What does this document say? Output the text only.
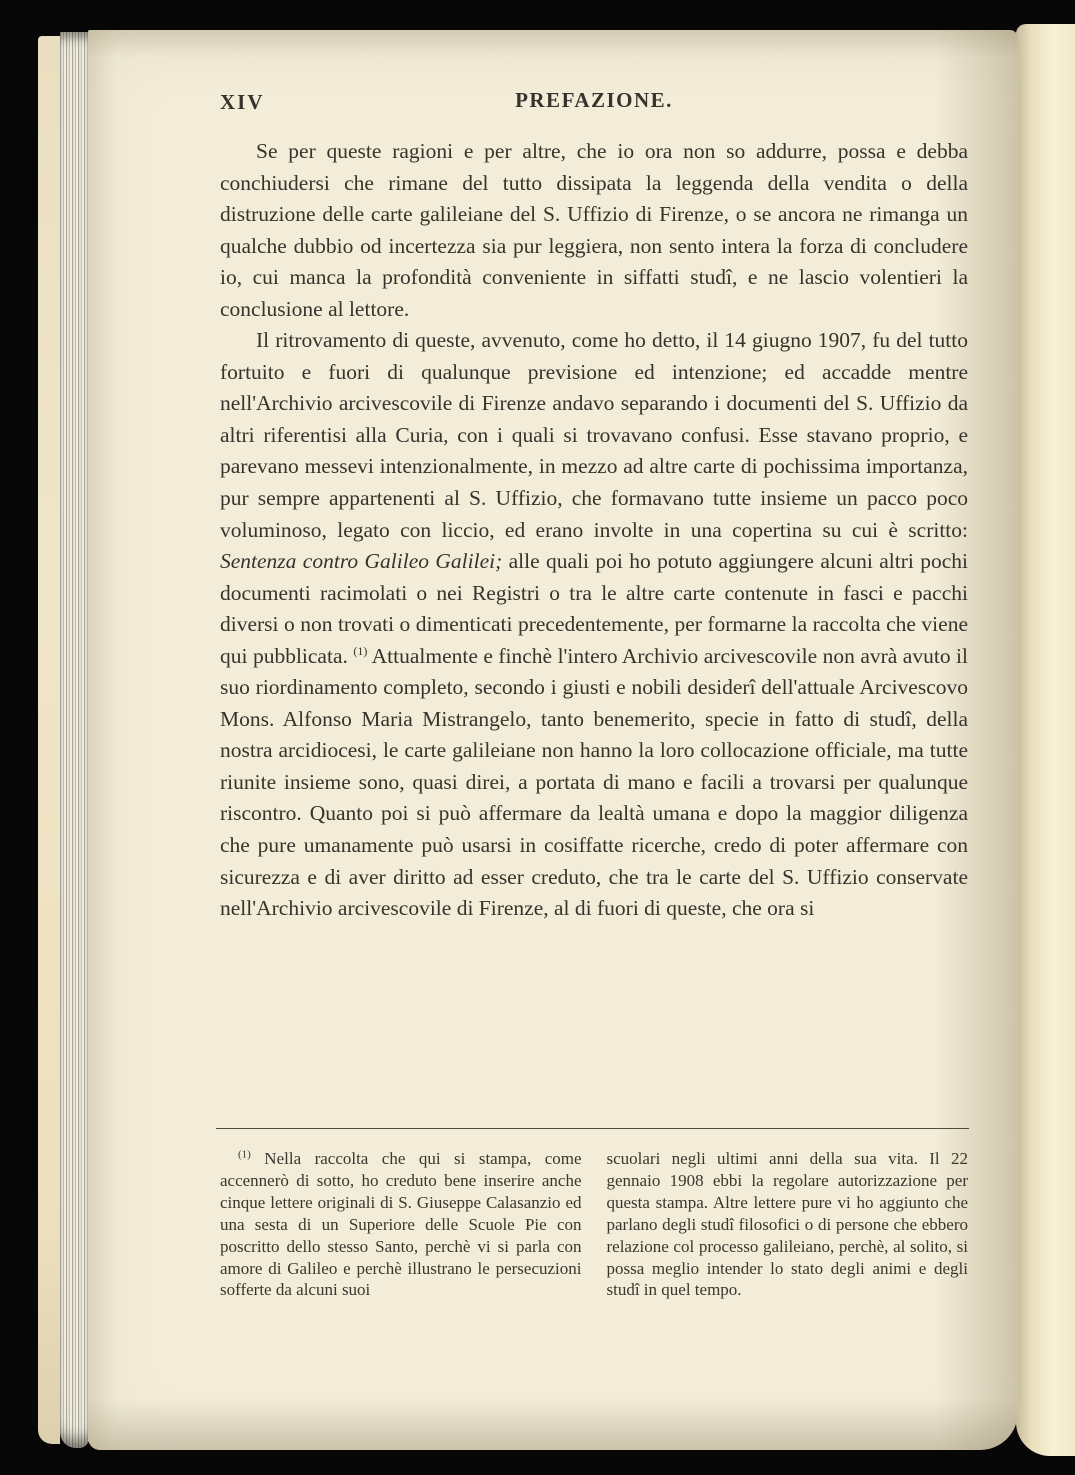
XIV	PREFAZIONE.

Se per queste ragioni e per altre, che io ora non so addurre, possa e debba conchiudersi che rimane del tutto dissipata la leggenda della vendita o della distruzione delle carte galileiane del S. Uffizio di Firenze, o se ancora ne rimanga un qualche dubbio od incertezza sia pur leggiera, non sento intera la forza di concludere io, cui manca la profondità conveniente in siffatti studî, e ne lascio volentieri la conclusione al lettore.

Il ritrovamento di queste, avvenuto, come ho detto, il 14 giugno 1907, fu del tutto fortuito e fuori di qualunque previsione ed intenzione; ed accadde mentre nell'Archivio arcivescovile di Firenze andavo separando i documenti del S. Uffizio da altri riferentisi alla Curia, con i quali si trovavano confusi. Esse stavano proprio, e parevano messevi intenzionalmente, in mezzo ad altre carte di pochissima importanza, pur sempre appartenenti al S. Uffizio, che formavano tutte insieme un pacco poco voluminoso, legato con liccio, ed erano involte in una copertina su cui è scritto: Sentenza contro Galileo Galilei; alle quali poi ho potuto aggiungere alcuni altri pochi documenti racimolati o nei Registri o tra le altre carte contenute in fasci e pacchi diversi o non trovati o dimenticati precedentemente, per formarne la raccolta che viene qui pubblicata. $^{(1)}$ Attualmente e finchè l'intero Archivio arcivescovile non avrà avuto il suo riordinamento completo, secondo i giusti e nobili desiderî dell'attuale Arcivescovo Mons. Alfonso Maria Mistrangelo, tanto benemerito, specie in fatto di studî, della nostra arcidiocesi, le carte galileiane non hanno la loro collocazione officiale, ma tutte riunite insieme sono, quasi direi, a portata di mano e facili a trovarsi per qualunque riscontro. Quanto poi si può affermare da lealtà umana e dopo la maggior diligenza che pure umanamente può usarsi in cosiffatte ricerche, credo di poter affermare con sicurezza e di aver diritto ad esser creduto, che tra le carte del S. Uffizio conservate nell'Archivio arcivescovile di Firenze, al di fuori di queste, che ora si

$^{(1)}$ Nella raccolta che qui si stampa, come accennerò di sotto, ho creduto bene inserire anche cinque lettere originali di S. Giuseppe Calasanzio ed una sesta di un Superiore delle Scuole Pie con poscritto dello stesso Santo, perchè vi si parla con amore di Galileo e perchè illustrano le persecuzioni sofferte da alcuni suoi
scuolari negli ultimi anni della sua vita. Il 22 gennaio 1908 ebbi la regolare autorizzazione per questa stampa. Altre lettere pure vi ho aggiunto che parlano degli studî filosofici o di persone che ebbero relazione col processo galileiano, perchè, al solito, si possa meglio intender lo stato degli animi e degli studî in quel tempo.
